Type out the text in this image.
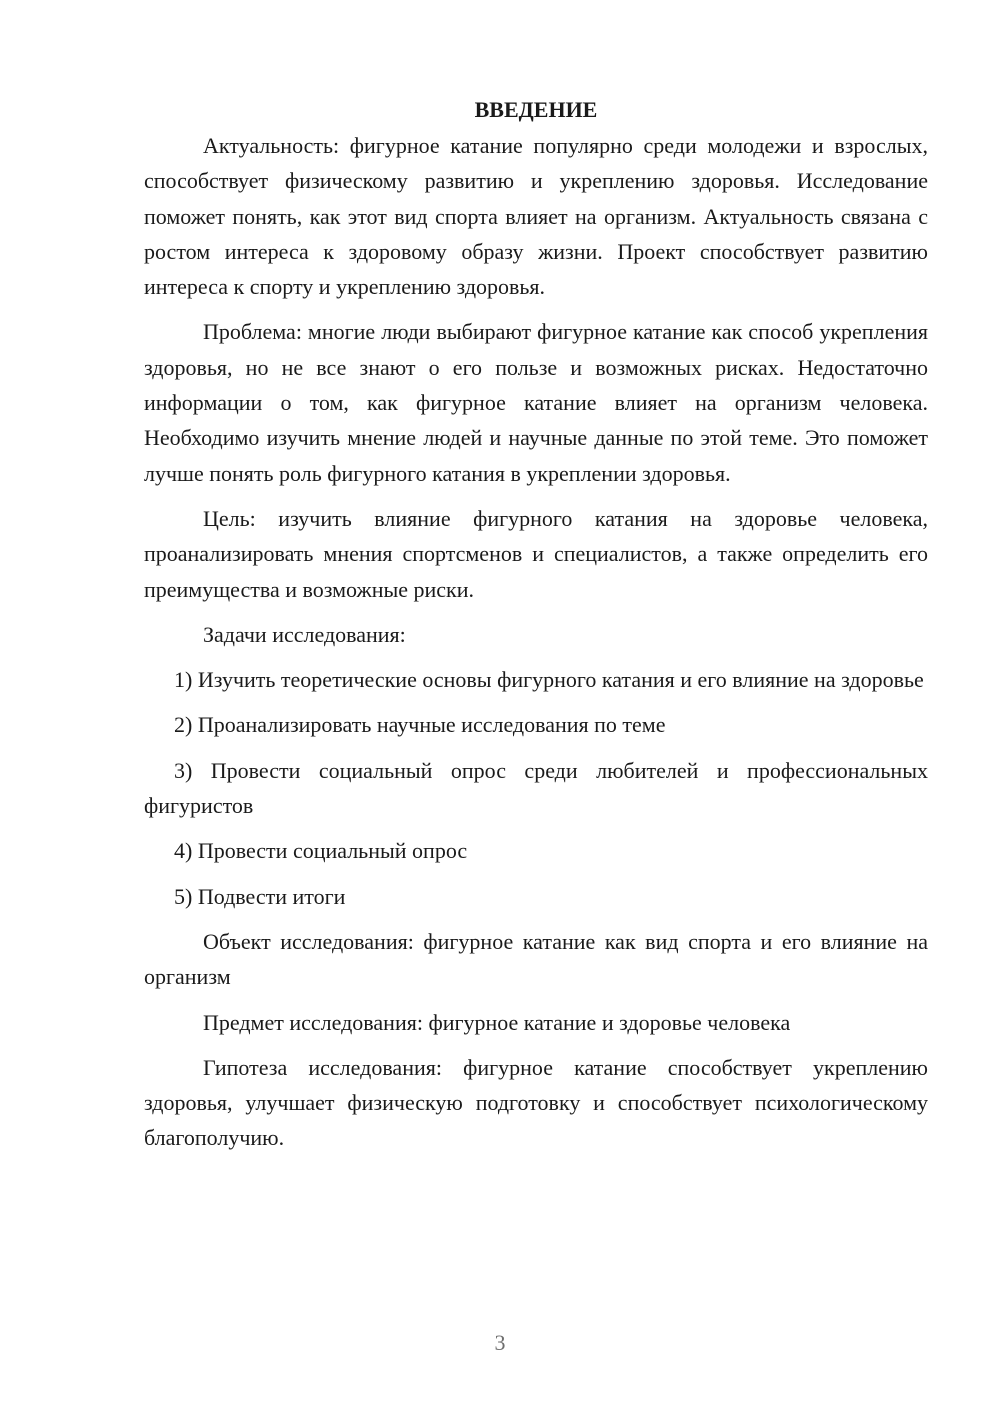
ВВЕДЕНИЕ

Актуальность: фигурное катание популярно среди молодежи и взрослых, способствует физическому развитию и укреплению здоровья. Исследование поможет понять, как этот вид спорта влияет на организм. Актуальность связана с ростом интереса к здоровому образу жизни. Проект способствует развитию интереса к спорту и укреплению здоровья.

Проблема: многие люди выбирают фигурное катание как способ укрепления здоровья, но не все знают о его пользе и возможных рисках. Недостаточно информации о том, как фигурное катание влияет на организм человека. Необходимо изучить мнение людей и научные данные по этой теме. Это поможет лучше понять роль фигурного катания в укреплении здоровья.

Цель: изучить влияние фигурного катания на здоровье человека, проанализировать мнения спортсменов и специалистов, а также определить его преимущества и возможные риски.

Задачи исследования:

1) Изучить теоретические основы фигурного катания и его влияние на здоровье

2) Проанализировать научные исследования по теме

3) Провести социальный опрос среди любителей и профессиональных фигуристов

4) Провести социальный опрос

5) Подвести итоги

Объект исследования: фигурное катание как вид спорта и его влияние на организм

Предмет исследования: фигурное катание и здоровье человека

Гипотеза исследования: фигурное катание способствует укреплению здоровья, улучшает физическую подготовку и способствует психологическому благополучию.

3
